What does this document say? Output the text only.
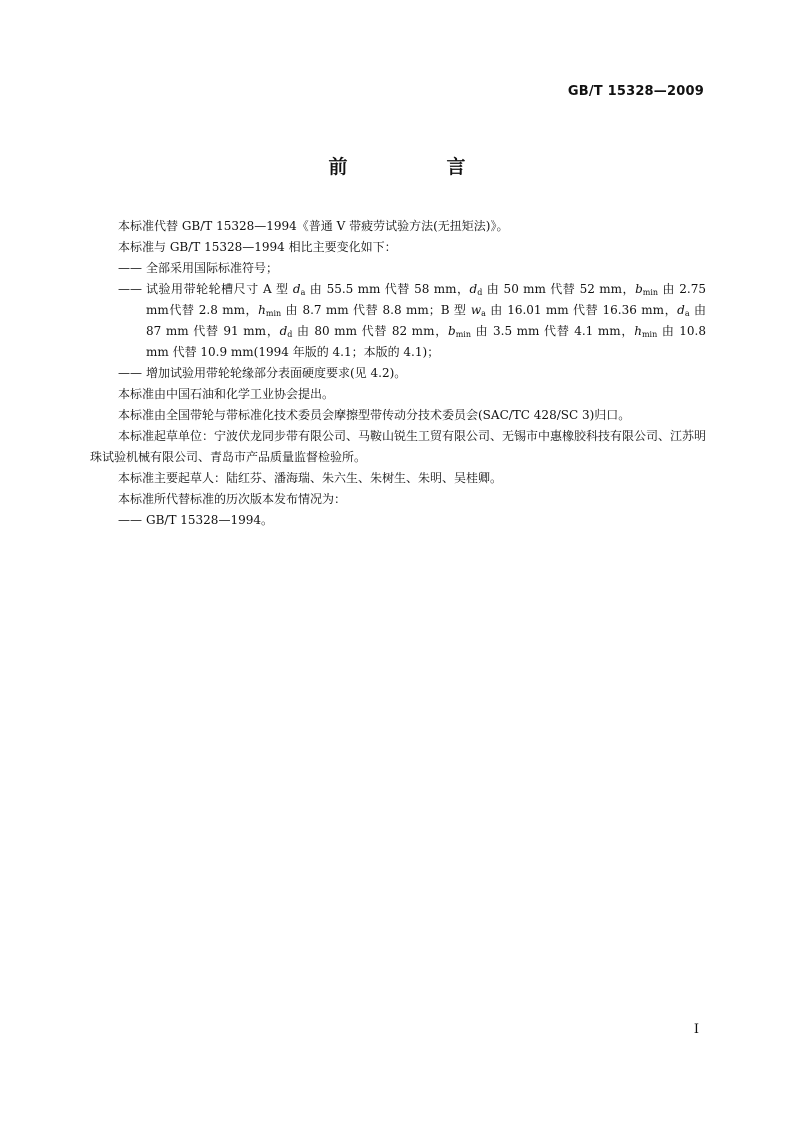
GB/T 15328—2009
前　言

本标准代替 GB/T 15328—1994《普通 V 带疲劳试验方法(无扭矩法)》。

本标准与 GB/T 15328—1994 相比主要变化如下：

—— 全部采用国际标准符号；

—— 试验用带轮轮槽尺寸 A 型 $d_a$ 由 55.5 mm 代替 58 mm，$d_d$ 由 50 mm 代替 52 mm，$b_{min}$ 由 2.75 mm代替 2.8 mm，$h_{min}$ 由 8.7 mm 代替 8.8 mm；B 型 $w_a$ 由 16.01 mm 代替 16.36 mm，$d_a$ 由 87 mm 代替 91 mm，$d_d$ 由 80 mm 代替 82 mm，$b_{min}$ 由 3.5 mm 代替 4.1 mm，$h_{min}$ 由 10.8 mm 代替 10.9 mm(1994 年版的 4.1；本版的 4.1)；

—— 增加试验用带轮轮缘部分表面硬度要求(见 4.2)。

本标准由中国石油和化学工业协会提出。

本标准由全国带轮与带标准化技术委员会摩擦型带传动分技术委员会(SAC/TC 428/SC 3)归口。

本标准起草单位：宁波伏龙同步带有限公司、马鞍山锐生工贸有限公司、无锡市中惠橡胶科技有限公司、江苏明珠试验机械有限公司、青岛市产品质量监督检验所。

本标准主要起草人：陆红芬、潘海瑞、朱六生、朱树生、朱明、吴桂卿。

本标准所代替标准的历次版本发布情况为：

—— GB/T 15328—1994。

I
